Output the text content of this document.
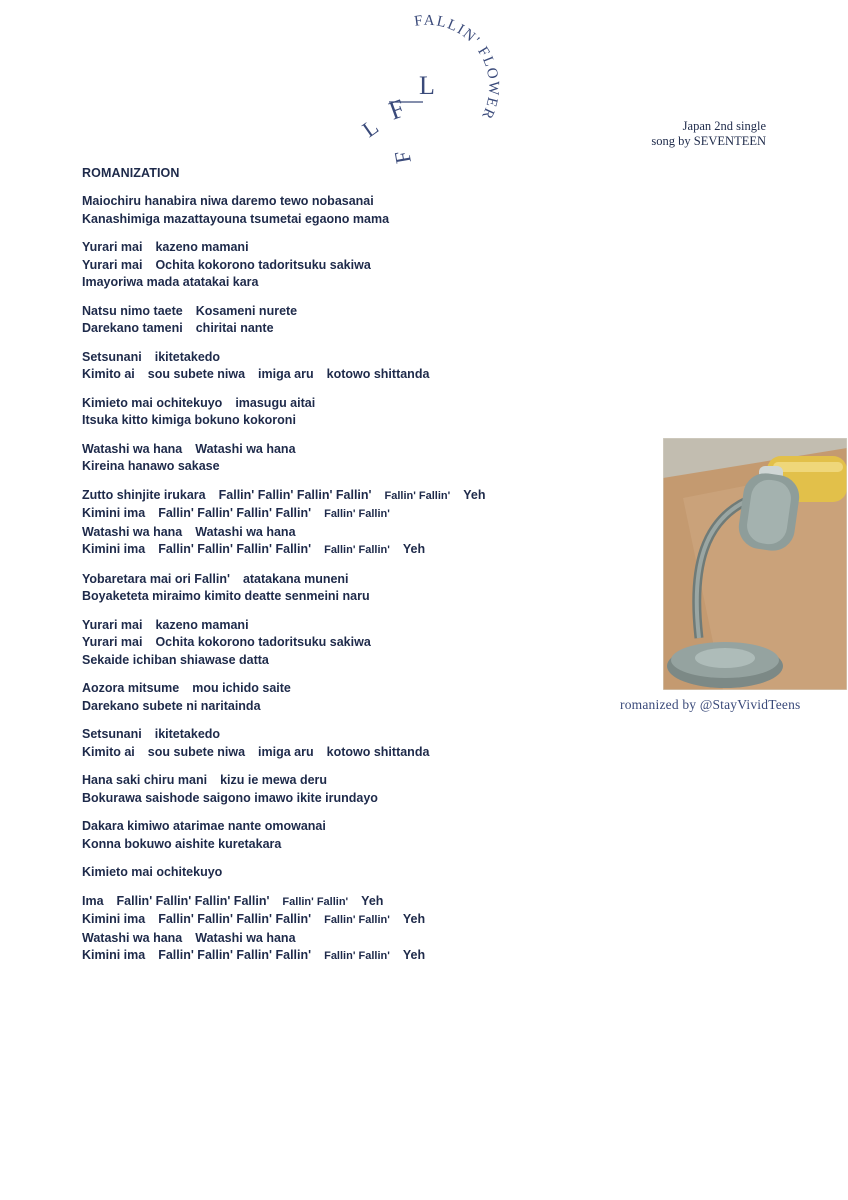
FALLIN' FLOWER
L
F
L
F
Japan 2nd single
song by SEVENTEEN
ROMANIZATION
Maiochiru hanabira niwa daremo tewo nobasanai
Kanashimiga mazattayouna tsumetai egaono mama
Yurari mai kazeno mamani
Yurari mai Ochita kokorono tadoritsuku sakiwa
Imayoriwa mada atatakai kara
Natsu nimo taete Kosameni nurete
Darekano tameni chiritai nante
Setsunani ikitetakedo
Kimito ai sou subete niwa imiga aru kotowo shittanda
Kimieto mai ochitekuyo imasugu aitai
Itsuka kitto kimiga bokuno kokoroni
Watashi wa hana Watashi wa hana
Kireina hanawo sakase
Zutto shinjite irukara Fallin' Fallin' Fallin' Fallin' Fallin' Fallin' Yeh
Kimini ima Fallin' Fallin' Fallin' Fallin' Fallin' Fallin'
Watashi wa hana Watashi wa hana
Kimini ima Fallin' Fallin' Fallin' Fallin' Fallin' Fallin' Yeh
Yobaretara mai ori Fallin' atatakana muneni
Boyaketeta miraimo kimito deatte senmeini naru
Yurari mai kazeno mamani
Yurari mai Ochita kokorono tadoritsuku sakiwa
Sekaide ichiban shiawase datta
Aozora mitsume mou ichido saite
Darekano subete ni naritainda
Setsunani ikitetakedo
Kimito ai sou subete niwa imiga aru kotowo shittanda
Hana saki chiru mani kizu ie mewa deru
Bokurawa saishode saigono imawo ikite irundayo
Dakara kimiwo atarimae nante omowanai
Konna bokuwo aishite kuretakara
Kimieto mai ochitekuyo
Ima Fallin' Fallin' Fallin' Fallin' Fallin' Fallin' Yeh
Kimini ima Fallin' Fallin' Fallin' Fallin' Fallin' Fallin' Yeh
Watashi wa hana Watashi wa hana
Kimini ima Fallin' Fallin' Fallin' Fallin' Fallin' Fallin' Yeh
romanized by @StayVividTeens
